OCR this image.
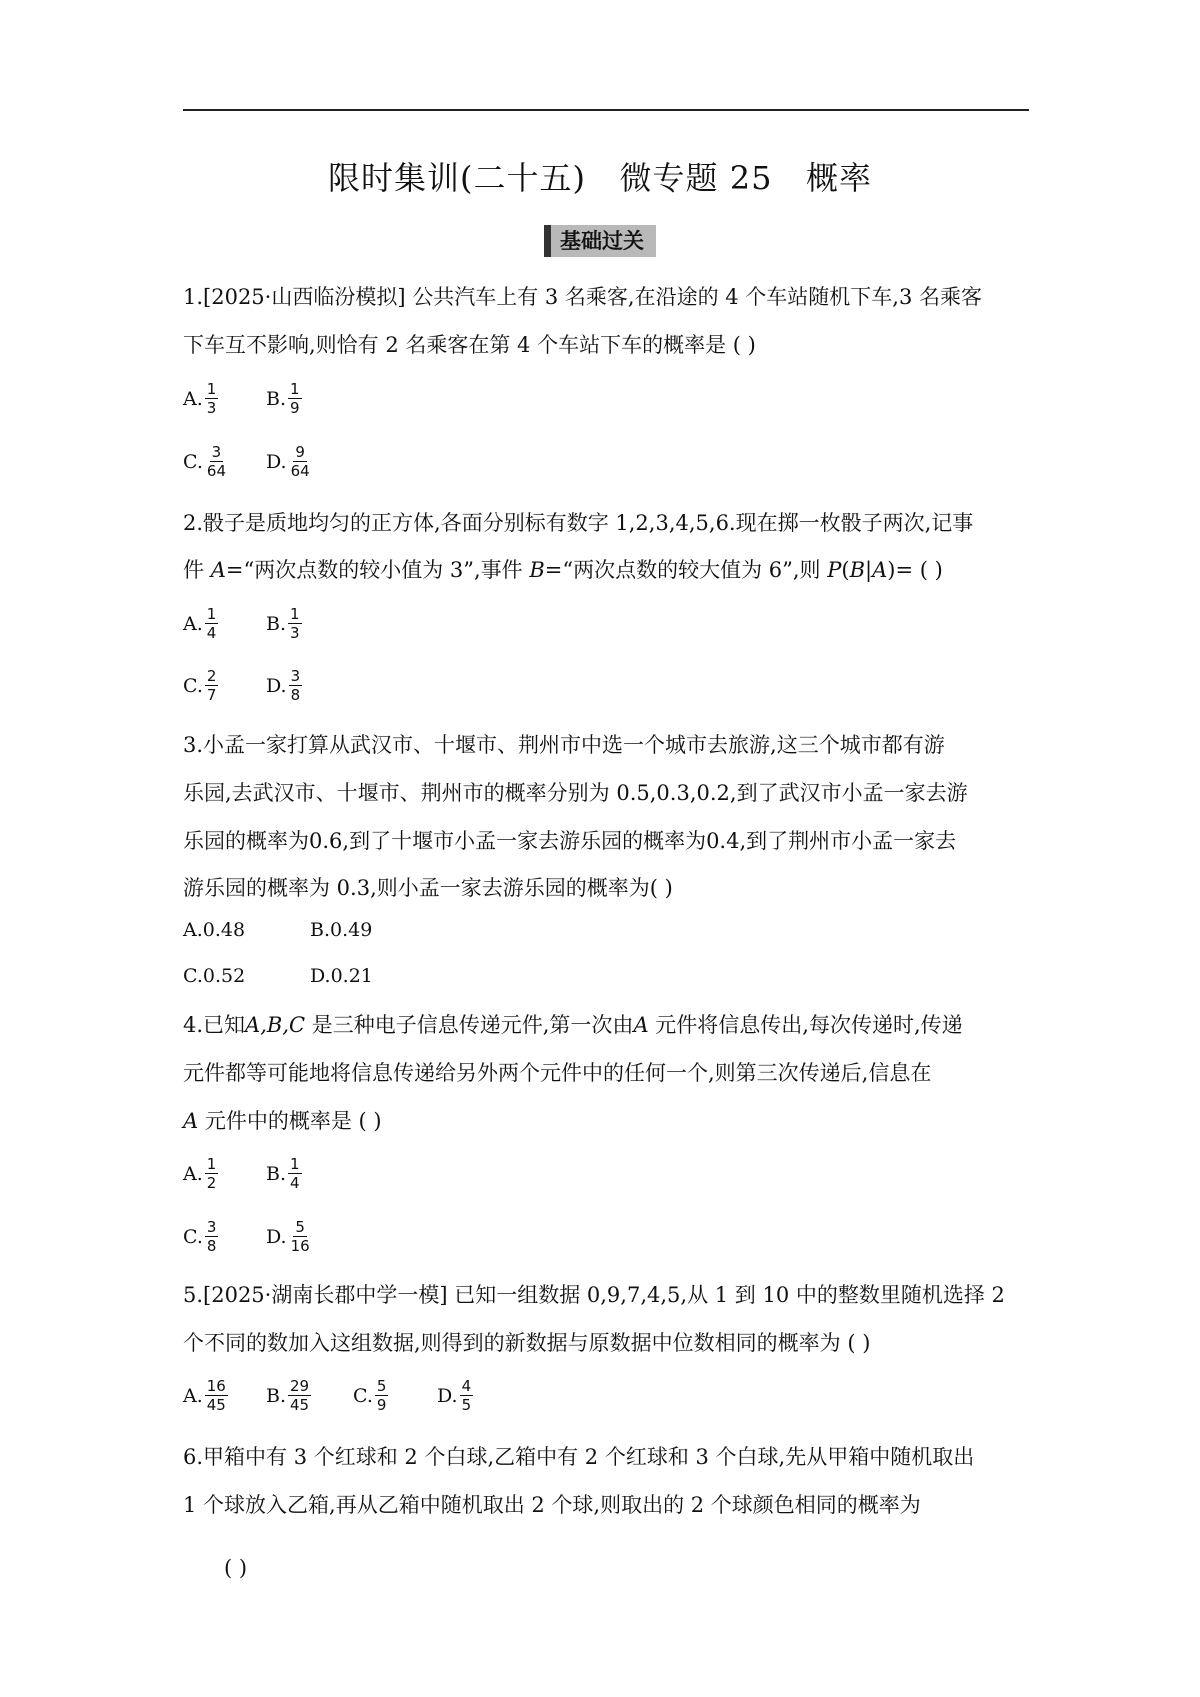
限时集训(二十五)   微专题 25   概率
基础过关
1.[2025·山西临汾模拟] 公共汽车上有 3 名乘客,在沿途的 4 个车站随机下车,3 名乘客
下车互不影响,则恰有 2 名乘客在第 4 个车站下车的概率是 ( )
A. $\frac{1}{3}$	B. $\frac{1}{9}$
C. $\frac{3}{64} D$. $\frac{9}{64}$
2.骰子是质地均匀的正方体,各面分别标有数字 1,2,3,4,5,6.现在掷一枚骰子两次,记事
件 A=“两次点数的较小值为 3”,事件 B=“两次点数的较大值为 6”,则 P(B|A)= ( )
A. $\frac{1}{4}$	B. $\frac{1}{3}$
C. $\frac{2}{7}$	D. $\frac{3}{8}$
3.小孟一家打算从武汉市、十堰市、荆州市中选一个城市去旅游,这三个城市都有游
乐园,去武汉市、十堰市、荆州市的概率分别为 0.5,0.3,0.2,到了武汉市小孟一家去游
乐园的概率为0.6,到了十堰市小孟一家去游乐园的概率为0.4,到了荆州市小孟一家去
游乐园的概率为 0.3,则小孟一家去游乐园的概率为( )
A.0.48	B.0.49
C.0.52	D.0.21
4.已知A,B,C 是三种电子信息传递元件,第一次由A 元件将信息传出,每次传递时,传递
元件都等可能地将信息传递给另外两个元件中的任何一个,则第三次传递后,信息在
A 元件中的概率是 ( )
A. $\frac{1}{2}$	B. $\frac{1}{4}$
C. $\frac{3}{8}$	D. $\frac{5}{16}$
5.[2025·湖南长郡中学一模] 已知一组数据 0,9,7,4,5,从 1 到 10 中的整数里随机选择 2
个不同的数加入这组数据,则得到的新数据与原数据中位数相同的概率为 ( )
A. $\frac{16}{45} B$. $\frac{29}{45} C$. $\frac{5}{9}$	D. $\frac{4}{5}$
6.甲箱中有 3 个红球和 2 个白球,乙箱中有 2 个红球和 3 个白球,先从甲箱中随机取出
1 个球放入乙箱,再从乙箱中随机取出 2 个球,则取出的 2 个球颜色相同的概率为
( )
